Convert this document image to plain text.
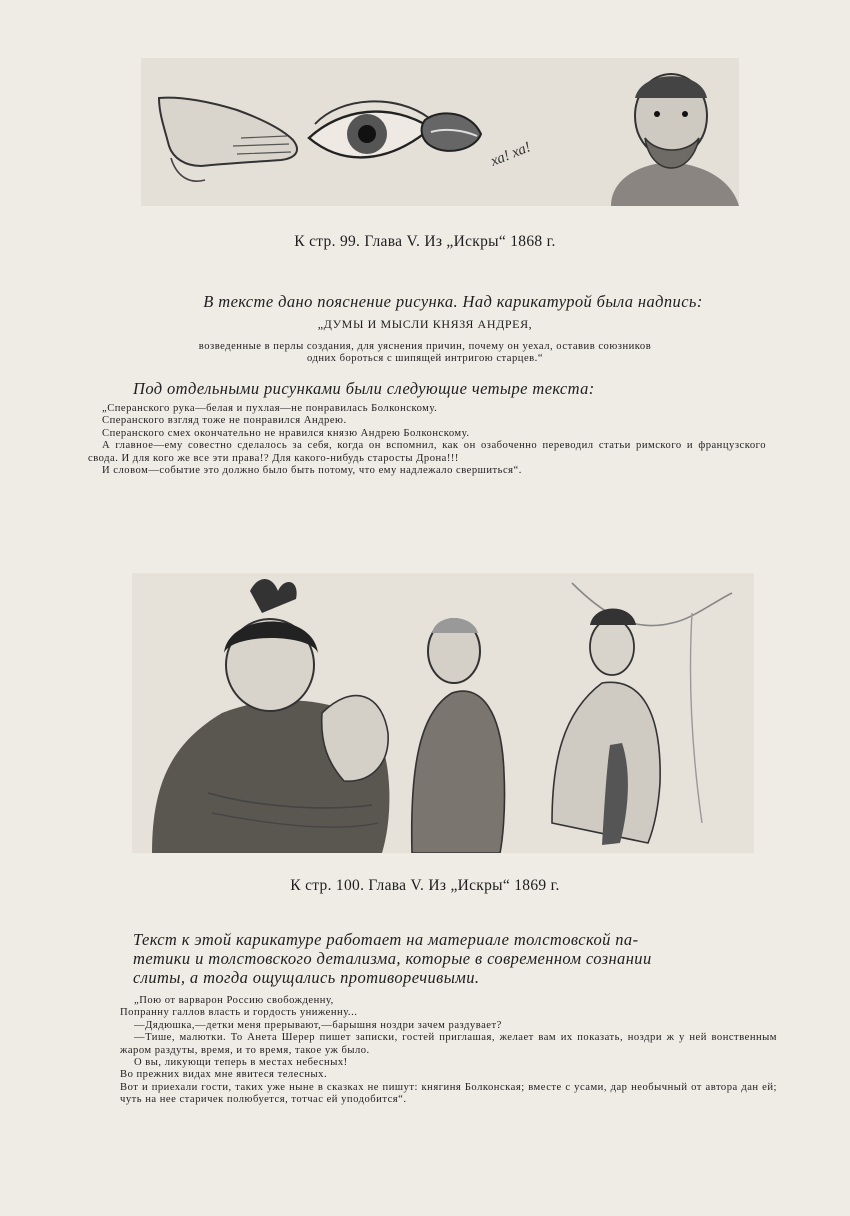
ха! ха!
К стр. 99. Глава V. Из „Искры“ 1868 г.
В тексте дано пояснение рисунка. Над карикатурой была надпись:
„ДУМЫ И МЫСЛИ КНЯЗЯ АНДРЕЯ,
возведенные в перлы создания, для уяснения причин, почему он уехал, оставив союзников
одних бороться с шипящей интригою старцев.“
Под отдельными рисунками были следующие четыре текста:

„Сперанского рука—белая и пухлая—не понравилась Болконскому.

Сперанского взгляд тоже не понравился Андрею.

Сперанского смех окончательно не нравился князю Андрею Болконскому.

А главное—ему совестно сделалось за себя, когда он вспомнил, как он озабоченно переводил статьи римского и французского свода. И для кого же все эти права!? Для какого-нибудь старосты Дрона!!!

И словом—событие это должно было быть потому, что ему надлежало свершиться“.

К стр. 100. Глава V. Из „Искры“ 1869 г.
Текст к этой карикатуре работает на материале толстовской па-
тетики и толстовского детализма, которые в современном сознании
слиты, а тогда ощущались противоречивыми.

„Пою от варварон Россию свобожденну,

Попранну галлов власть и гордость униженну...

—Дядюшка,—детки меня прерывают,—барышня ноздри зачем раздувает?

—Тише, малютки. То Анета Шерер пишет записки, гостей приглашая, желает вам их показать, ноздри ж у ней вонственным жаром раздуты, время, и то время, такое уж было.

О вы, ликующи теперь в местах небесных!

Во прежних видах мне явитеся телесных.

Вот и приехали гости, таких уже ныне в сказках не пишут: княгиня Болконская; вместе с усами, дар необычный от автора дан ей; чуть на нее старичек полюбуется, тотчас ей уподобится“.
